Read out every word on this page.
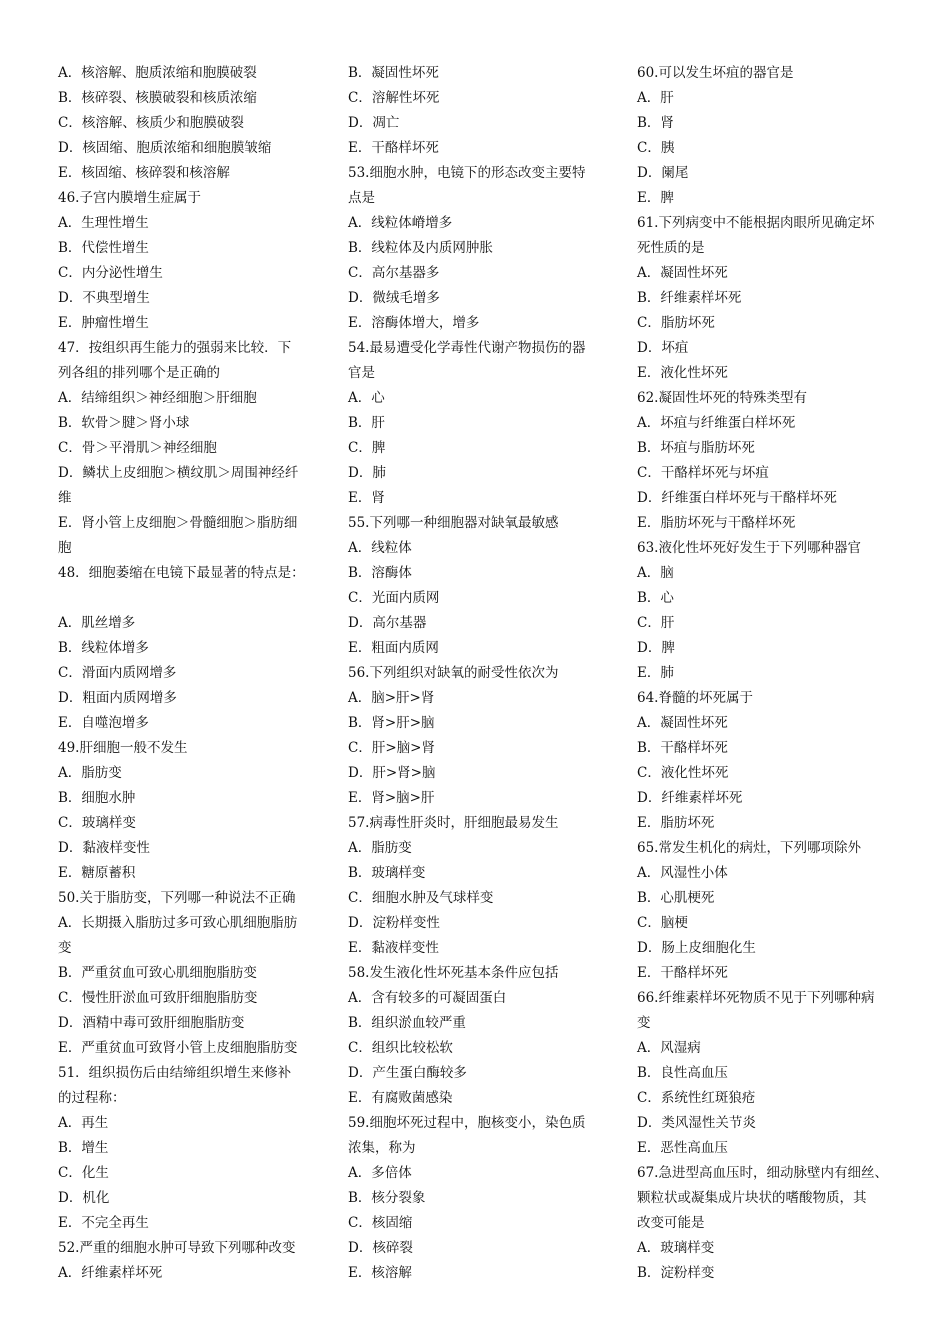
A．核溶解、胞质浓缩和胞膜破裂
B．核碎裂、核膜破裂和核质浓缩
C．核溶解、核质少和胞膜破裂
D．核固缩、胞质浓缩和细胞膜皱缩
E．核固缩、核碎裂和核溶解
46.子宫内膜增生症属于
A．生理性增生
B．代偿性增生
C．内分泌性增生
D．不典型增生
E．肿瘤性增生
47．按组织再生能力的强弱来比较．下
列各组的排列哪个是正确的
A．结缔组织＞神经细胞＞肝细胞
B．软骨＞腱＞肾小球
C．骨＞平滑肌＞神经细胞
D．鳞状上皮细胞＞横纹肌＞周围神经纤
维
E．肾小管上皮细胞＞骨髓细胞＞脂肪细
胞
48．细胞萎缩在电镜下最显著的特点是：
A．肌丝增多
B．线粒体增多
C．滑面内质网增多
D．粗面内质网增多
E．自噬泡增多
49.肝细胞一般不发生
A．脂肪变
B．细胞水肿
C．玻璃样变
D．黏液样变性
E．糖原蓄积
50.关于脂肪变，下列哪一种说法不正确
A．长期摄入脂肪过多可致心肌细胞脂肪
变
B．严重贫血可致心肌细胞脂肪变
C．慢性肝淤血可致肝细胞脂肪变
D．酒精中毒可致肝细胞脂肪变
E．严重贫血可致肾小管上皮细胞脂肪变
51．组织损伤后由结缔组织增生来修补
的过程称：
A．再生
B．增生
C．化生
D．机化
E．不完全再生
52.严重的细胞水肿可导致下列哪种改变
A．纤维素样坏死
B．凝固性坏死
C．溶解性坏死
D．凋亡
E．干酪样坏死
53.细胞水肿，电镜下的形态改变主要特
点是
A．线粒体嵴增多
B．线粒体及内质网肿胀
C．高尔基器多
D．微绒毛增多
E．溶酶体增大，增多
54.最易遭受化学毒性代谢产物损伤的器
官是
A．心
B．肝
C．脾
D．肺
E．肾
55.下列哪一种细胞器对缺氧最敏感
A．线粒体
B．溶酶体
C．光面内质网
D．高尔基器
E．粗面内质网
56.下列组织对缺氧的耐受性依次为
A．脑>肝>肾
B．肾>肝>脑
C．肝>脑>肾
D．肝>肾>脑
E．肾>脑>肝
57.病毒性肝炎时，肝细胞最易发生
A．脂肪变
B．玻璃样变
C．细胞水肿及气球样变
D．淀粉样变性
E．黏液样变性
58.发生液化性坏死基本条件应包括
A．含有较多的可凝固蛋白
B．组织淤血较严重
C．组织比较松软
D．产生蛋白酶较多
E．有腐败菌感染
59.细胞坏死过程中，胞核变小，染色质
浓集，称为
A．多倍体
B．核分裂象
C．核固缩
D．核碎裂
E．核溶解
60.可以发生坏疽的器官是
A．肝
B．肾
C．胰
D．阑尾
E．脾
61.下列病变中不能根据肉眼所见确定坏
死性质的是
A．凝固性坏死
B．纤维素样坏死
C．脂肪坏死
D．坏疽
E．液化性坏死
62.凝固性坏死的特殊类型有
A．坏疽与纤维蛋白样坏死
B．坏疽与脂肪坏死
C．干酪样坏死与坏疽
D．纤维蛋白样坏死与干酪样坏死
E．脂肪坏死与干酪样坏死
63.液化性坏死好发生于下列哪种器官
A．脑
B．心
C．肝
D．脾
E．肺
64.脊髓的坏死属于
A．凝固性坏死
B．干酪样坏死
C．液化性坏死
D．纤维素样坏死
E．脂肪坏死
65.常发生机化的病灶，下列哪项除外
A．风湿性小体
B．心肌梗死
C．脑梗
D．肠上皮细胞化生
E．干酪样坏死
66.纤维素样坏死物质不见于下列哪种病
变
A．风湿病
B．良性高血压
C．系统性红斑狼疮
D．类风湿性关节炎
E．恶性高血压
67.急进型高血压时，细动脉壁内有细丝、
颗粒状或凝集成片块状的嗜酸物质，其
改变可能是
A．玻璃样变
B．淀粉样变
